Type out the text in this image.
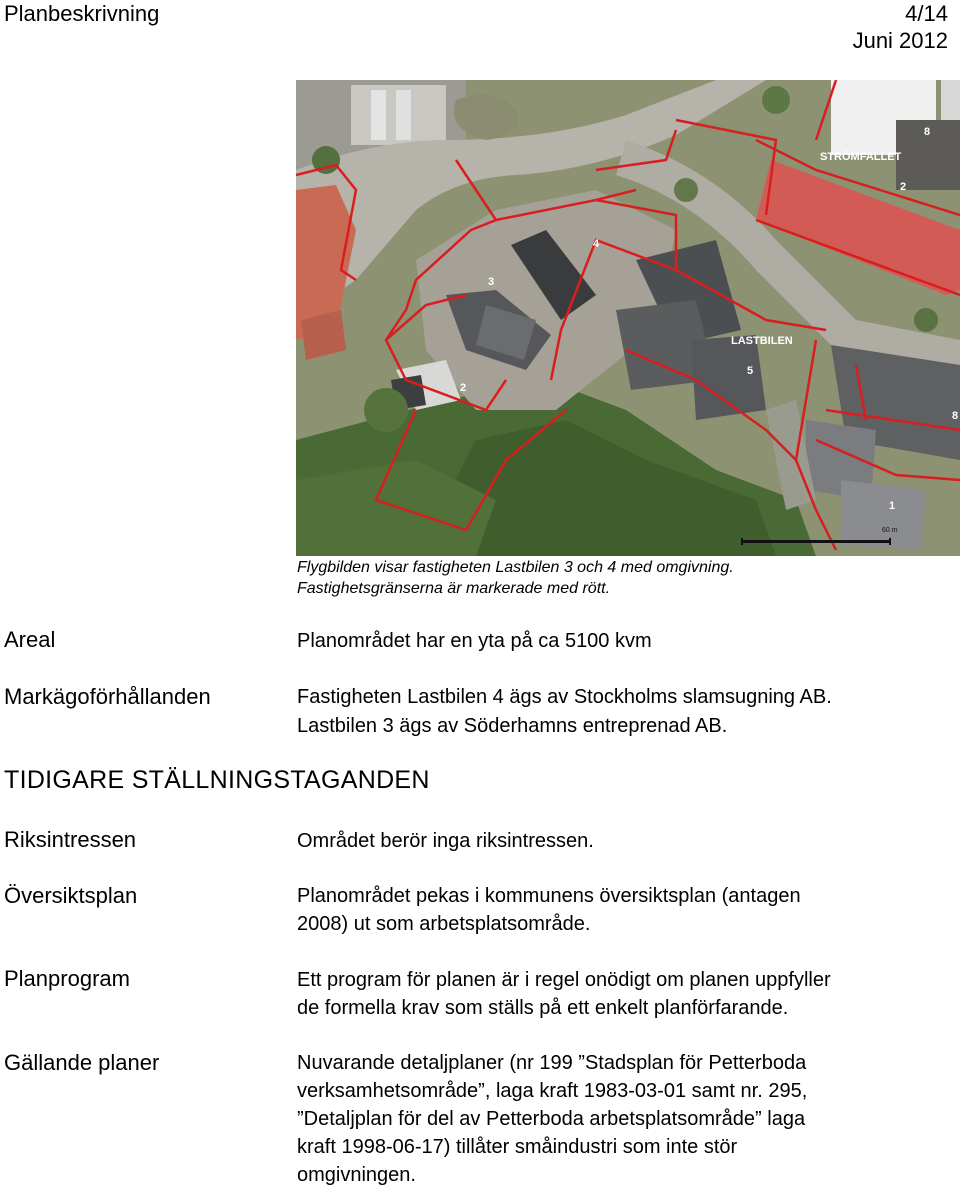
Planbeskrivning	4/14
Juni 2012
STRÖMFALLET
LASTBILEN
60 m
8
2
4
3
2
5
8
1
Flygbilden visar fastigheten Lastbilen 3 och 4 med omgivning.
Fastighetsgränserna är markerade med rött.
Areal	Planområdet har en yta på ca 5100 kvm
Markägoförhållanden	Fastigheten Lastbilen 4 ägs av Stockholms slamsugning AB.
Lastbilen 3 ägs av Söderhamns entreprenad AB.
TIDIGARE STÄLLNINGSTAGANDEN
Riksintressen	Området berör inga riksintressen.
Översiktsplan	Planområdet pekas i kommunens översiktsplan (antagen
2008) ut som arbetsplatsområde.
Planprogram	Ett program för planen är i regel onödigt om planen uppfyller
de formella krav som ställs på ett enkelt planförfarande.
Gällande planer	Nuvarande detaljplaner (nr 199 ”Stadsplan för Petterboda
verksamhetsområde”, laga kraft 1983-03-01 samt nr. 295,
”Detaljplan för del av Petterboda arbetsplatsområde” laga
kraft 1998-06-17) tillåter småindustri som inte stör
omgivningen.
